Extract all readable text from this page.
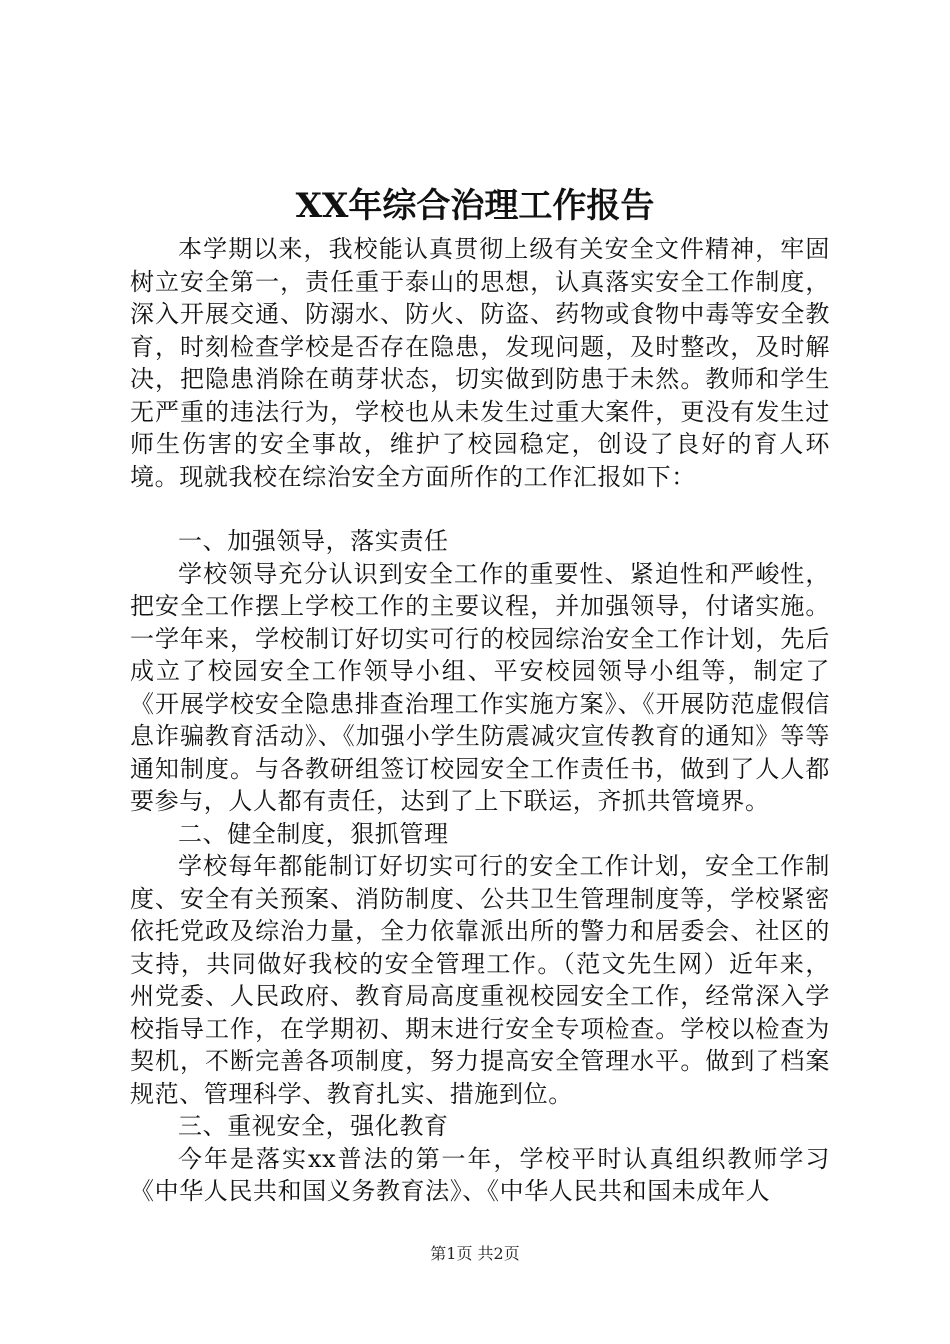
XX年综合治理工作报告

本学期以来，我校能认真贯彻上级有关安全文件精神，牢固树立安全第一，责任重于泰山的思想，认真落实安全工作制度，深入开展交通、防溺水、防火、防盗、药物或食物中毒等安全教育，时刻检查学校是否存在隐患，发现问题，及时整改，及时解决，把隐患消除在萌芽状态，切实做到防患于未然。教师和学生无严重的违法行为，学校也从未发生过重大案件，更没有发生过师生伤害的安全事故，维护了校园稳定，创设了良好的育人环境。现就我校在综治安全方面所作的工作汇报如下：

一、加强领导，落实责任

学校领导充分认识到安全工作的重要性、紧迫性和严峻性，把安全工作摆上学校工作的主要议程，并加强领导，付诸实施。一学年来，学校制订好切实可行的校园综治安全工作计划，先后成立了校园安全工作领导小组、平安校园领导小组等，制定了《开展学校安全隐患排查治理工作实施方案》、《开展防范虚假信息诈骗教育活动》、《加强小学生防震减灾宣传教育的通知》等等通知制度。与各教研组签订校园安全工作责任书，做到了人人都要参与，人人都有责任，达到了上下联运，齐抓共管境界。

二、健全制度，狠抓管理

学校每年都能制订好切实可行的安全工作计划，安全工作制度、安全有关预案、消防制度、公共卫生管理制度等，学校紧密依托党政及综治力量，全力依靠派出所的警力和居委会、社区的支持，共同做好我校的安全管理工作。（范文先生网）近年来，州党委、人民政府、教育局高度重视校园安全工作，经常深入学校指导工作，在学期初、期末进行安全专项检查。学校以检查为契机，不断完善各项制度，努力提高安全管理水平。做到了档案规范、管理科学、教育扎实、措施到位。

三、重视安全，强化教育

今年是落实xx普法的第一年，学校平时认真组织教师学习《中华人民共和国义务教育法》、《中华人民共和国未成年人

第1页 共2页
